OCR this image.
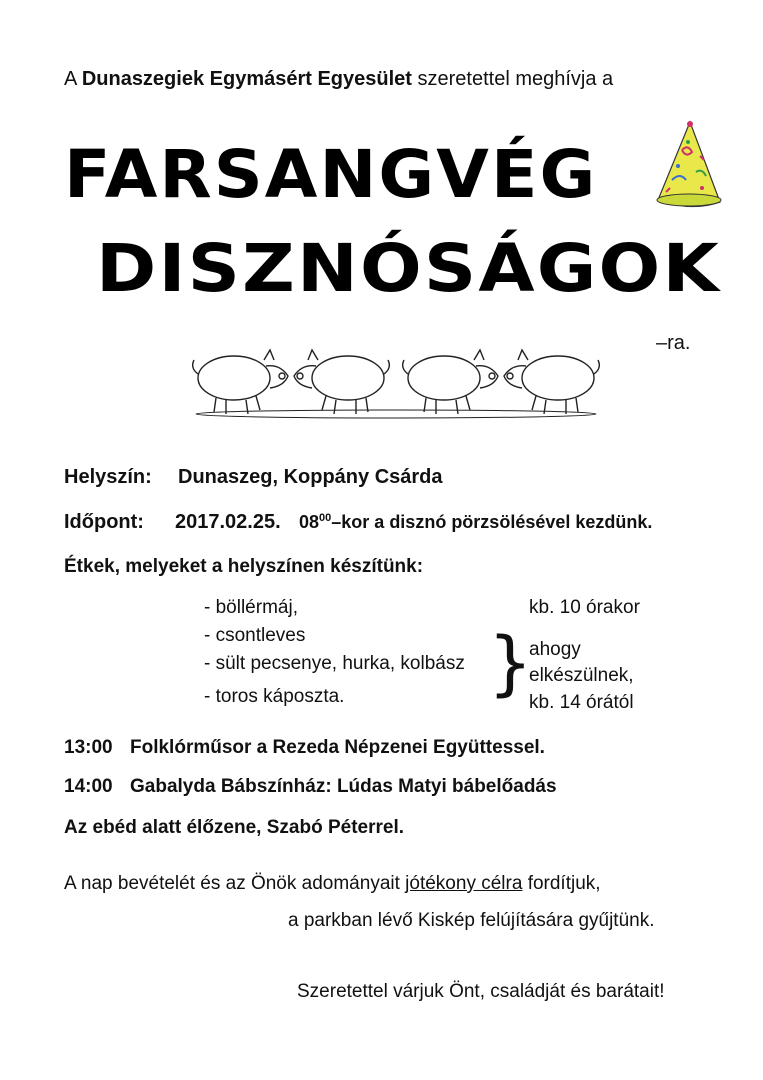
A Dunaszegiek Egymásért Egyesület szeretettel meghívja a
FARSANGVÉG
DISZNÓSÁGOK
–ra.
Helyszín: Dunaszeg, Koppány Csárda
Időpont: 2017.02.25. $08^{00}$–kor a disznó pörzsölésével kezdünk.
Étkek, melyeket a helyszínen készítünk:
- böllérmáj,
- csontleves
- sült pecsenye, hurka, kolbász
- toros káposzta.
kb. 10 órakor
}
ahogy
elkészülnek,
kb. 14 órától
13:00 Folklórműsor a Rezeda Népzenei Együttessel.
14:00 Gabalyda Bábszínház: Lúdas Matyi bábelőadás
Az ebéd alatt élőzene, Szabó Péterrel.
A nap bevételét és az Önök adományait jótékony célra fordítjuk,
a parkban lévő Kiskép felújítására gyűjtünk.
Szeretettel várjuk Önt, családját és barátait!
